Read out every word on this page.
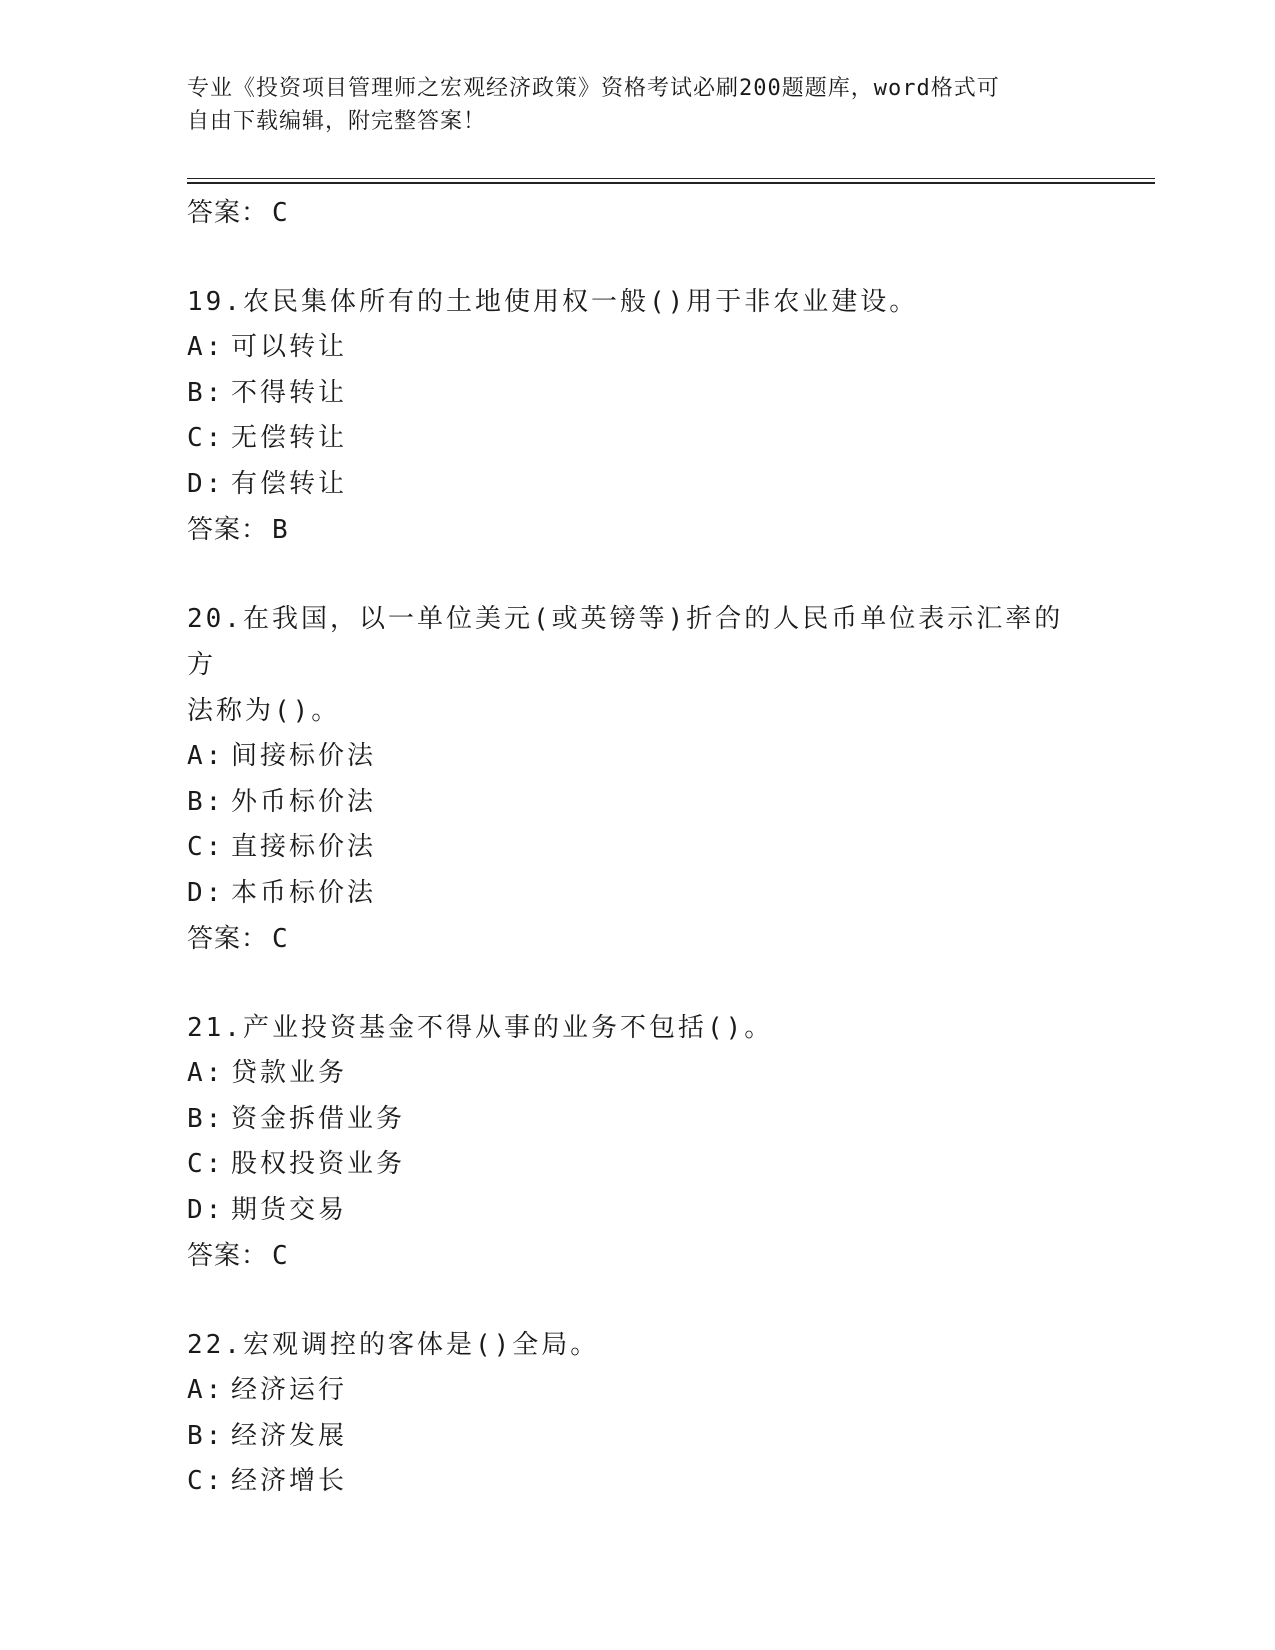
专业《投资项目管理师之宏观经济政策》资格考试必刷200题题库，word格式可
自由下载编辑，附完整答案！
答案： C
19.农民集体所有的土地使用权一般()用于非农业建设。
A: 可以转让
B: 不得转让
C: 无偿转让
D: 有偿转让
答案： B
20.在我国，以一单位美元(或英镑等)折合的人民币单位表示汇率的方
法称为()。
A: 间接标价法
B: 外币标价法
C: 直接标价法
D: 本币标价法
答案： C
21.产业投资基金不得从事的业务不包括()。
A: 贷款业务
B: 资金拆借业务
C: 股权投资业务
D: 期货交易
答案： C
22.宏观调控的客体是()全局。
A: 经济运行
B: 经济发展
C: 经济增长
